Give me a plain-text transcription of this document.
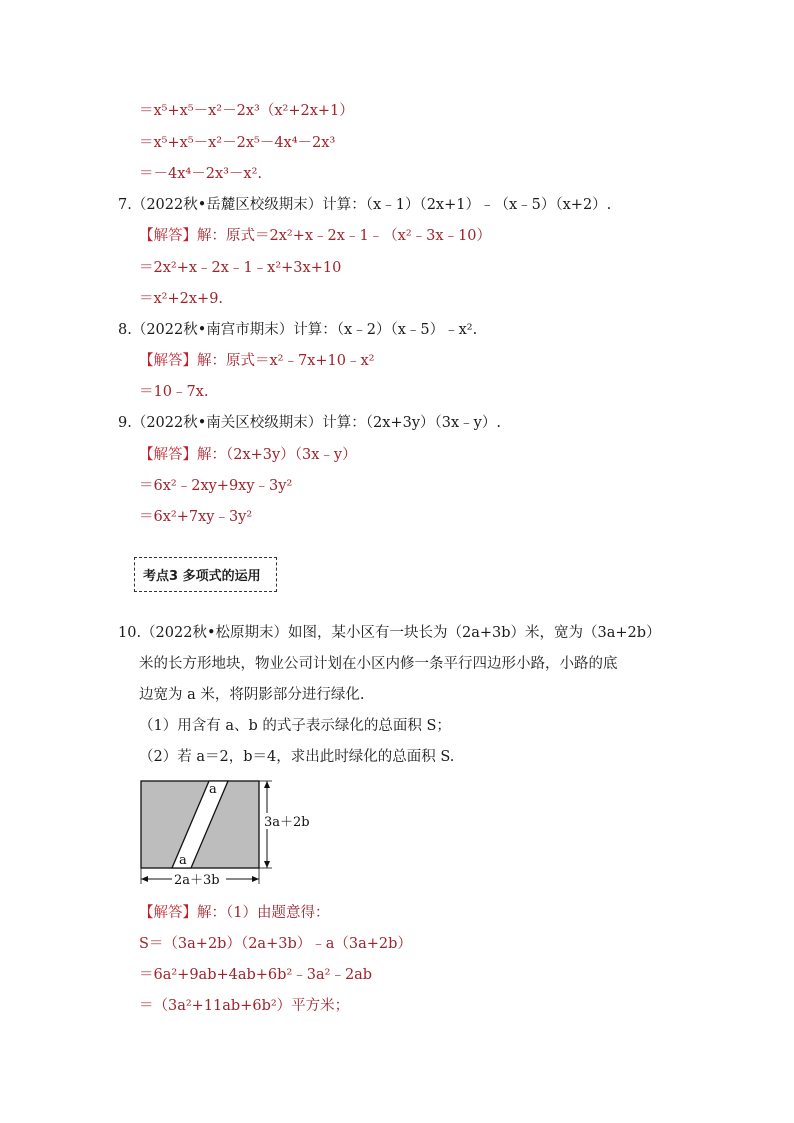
＝x⁵+x⁵－x²－2x³（x²+2x+1）
＝x⁵+x⁵－x²－2x⁵－4x⁴－2x³
＝－4x⁴－2x³－x².
7.（2022秋•岳麓区校级期末）计算：（x﹣1）（2x+1）﹣（x﹣5）（x+2）.
【解答】解：原式＝2x²+x﹣2x﹣1﹣（x²﹣3x﹣10）
＝2x²+x﹣2x﹣1﹣x²+3x+10
＝x²+2x+9.
8.（2022秋•南宫市期末）计算：（x﹣2）（x﹣5）﹣x².
【解答】解：原式＝x²﹣7x+10﹣x²
＝10﹣7x.
9.（2022秋•南关区校级期末）计算：（2x+3y）（3x﹣y）.
【解答】解：（2x+3y）（3x﹣y）
＝6x²﹣2xy+9xy﹣3y²
＝6x²+7xy﹣3y²
考点3 多项式的运用
10.（2022秋•松原期末）如图，某小区有一块长为（2a+3b）米，宽为（3a+2b）
米的长方形地块，物业公司计划在小区内修一条平行四边形小路，小路的底
边宽为 a 米，将阴影部分进行绿化.
（1）用含有 a、b 的式子表示绿化的总面积 S；
（2）若 a＝2，b＝4，求出此时绿化的总面积 S.
a
a
3a＋2b
2a＋3b
【解答】解：（1）由题意得：
S＝（3a+2b）（2a+3b）﹣a（3a+2b）
＝6a²+9ab+4ab+6b²﹣3a²﹣2ab
＝（3a²+11ab+6b²）平方米；
